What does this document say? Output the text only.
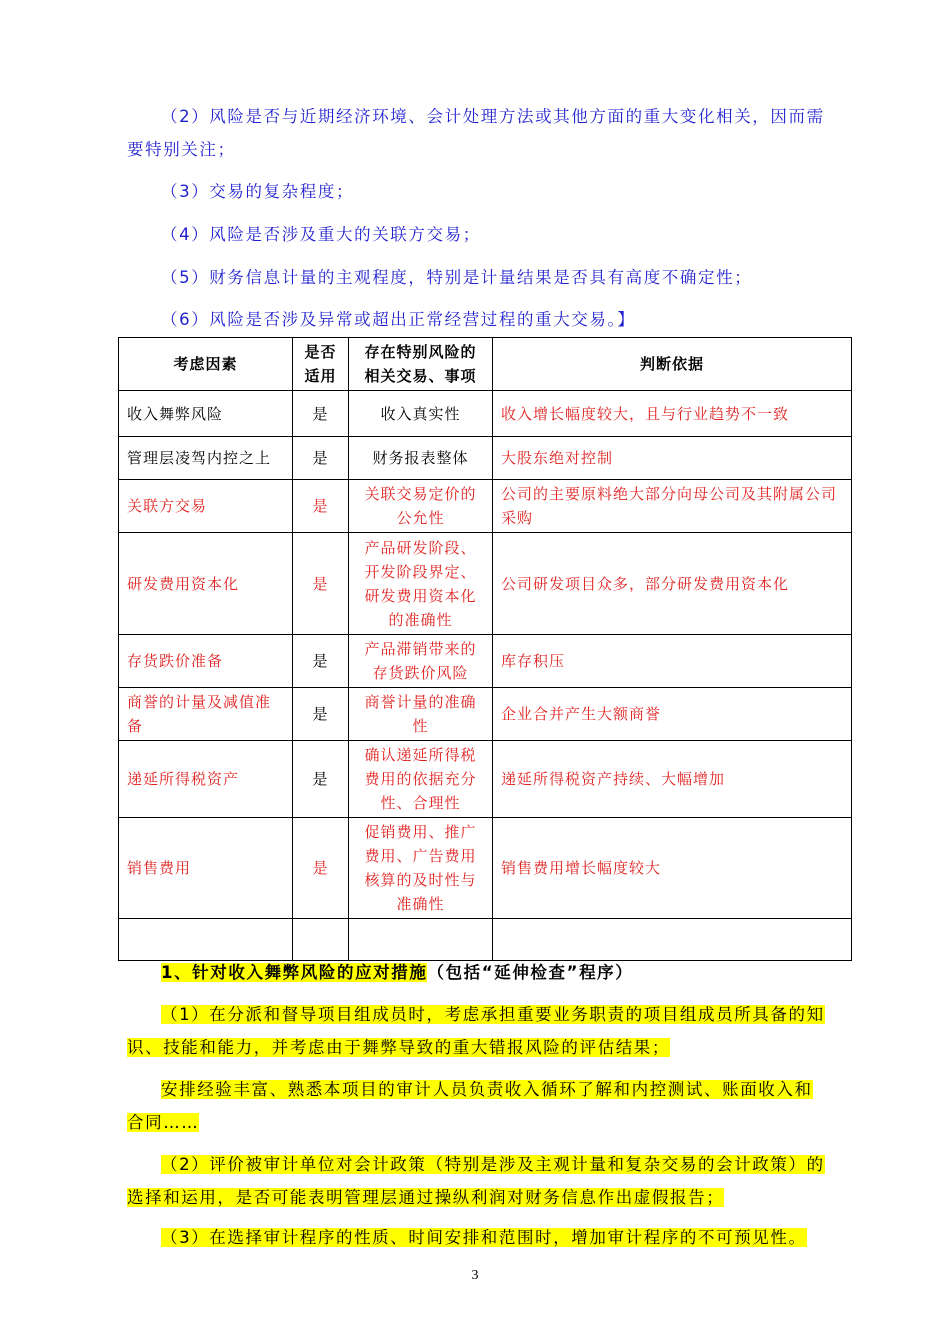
（2）风险是否与近期经济环境、会计处理方法或其他方面的重大变化相关，因而需
要特别关注；
（3）交易的复杂程度；
（4）风险是否涉及重大的关联方交易；
（5）财务信息计量的主观程度，特别是计量结果是否具有高度不确定性；
（6）风险是否涉及异常或超出正常经营过程的重大交易。】
考虑因素	是否适用	存在特别风险的相关交易、事项	判断依据
收入舞弊风险	是	收入真实性	收入增长幅度较大，且与行业趋势不一致
管理层凌驾内控之上	是	财务报表整体	大股东绝对控制
关联方交易	是	关联交易定价的公允性	公司的主要原料绝大部分向母公司及其附属公司采购
研发费用资本化	是	产品研发阶段、开发阶段界定、研发费用资本化的准确性	公司研发项目众多，部分研发费用资本化
存货跌价准备	是	产品滞销带来的存货跌价风险	库存积压
商誉的计量及减值准备	是	商誉计量的准确性	企业合并产生大额商誉
递延所得税资产	是	确认递延所得税费用的依据充分性、合理性	递延所得税资产持续、大幅增加
销售费用	是	促销费用、推广费用、广告费用核算的及时性与准确性	销售费用增长幅度较大

1、针对收入舞弊风险的应对措施（包括“延伸检查”程序）
（1）在分派和督导项目组成员时，考虑承担重要业务职责的项目组成员所具备的知
识、技能和能力，并考虑由于舞弊导致的重大错报风险的评估结果；
安排经验丰富、熟悉本项目的审计人员负责收入循环了解和内控测试、账面收入和
合同……
（2）评价被审计单位对会计政策（特别是涉及主观计量和复杂交易的会计政策）的
选择和运用，是否可能表明管理层通过操纵利润对财务信息作出虚假报告；
（3）在选择审计程序的性质、时间安排和范围时，增加审计程序的不可预见性。
3
